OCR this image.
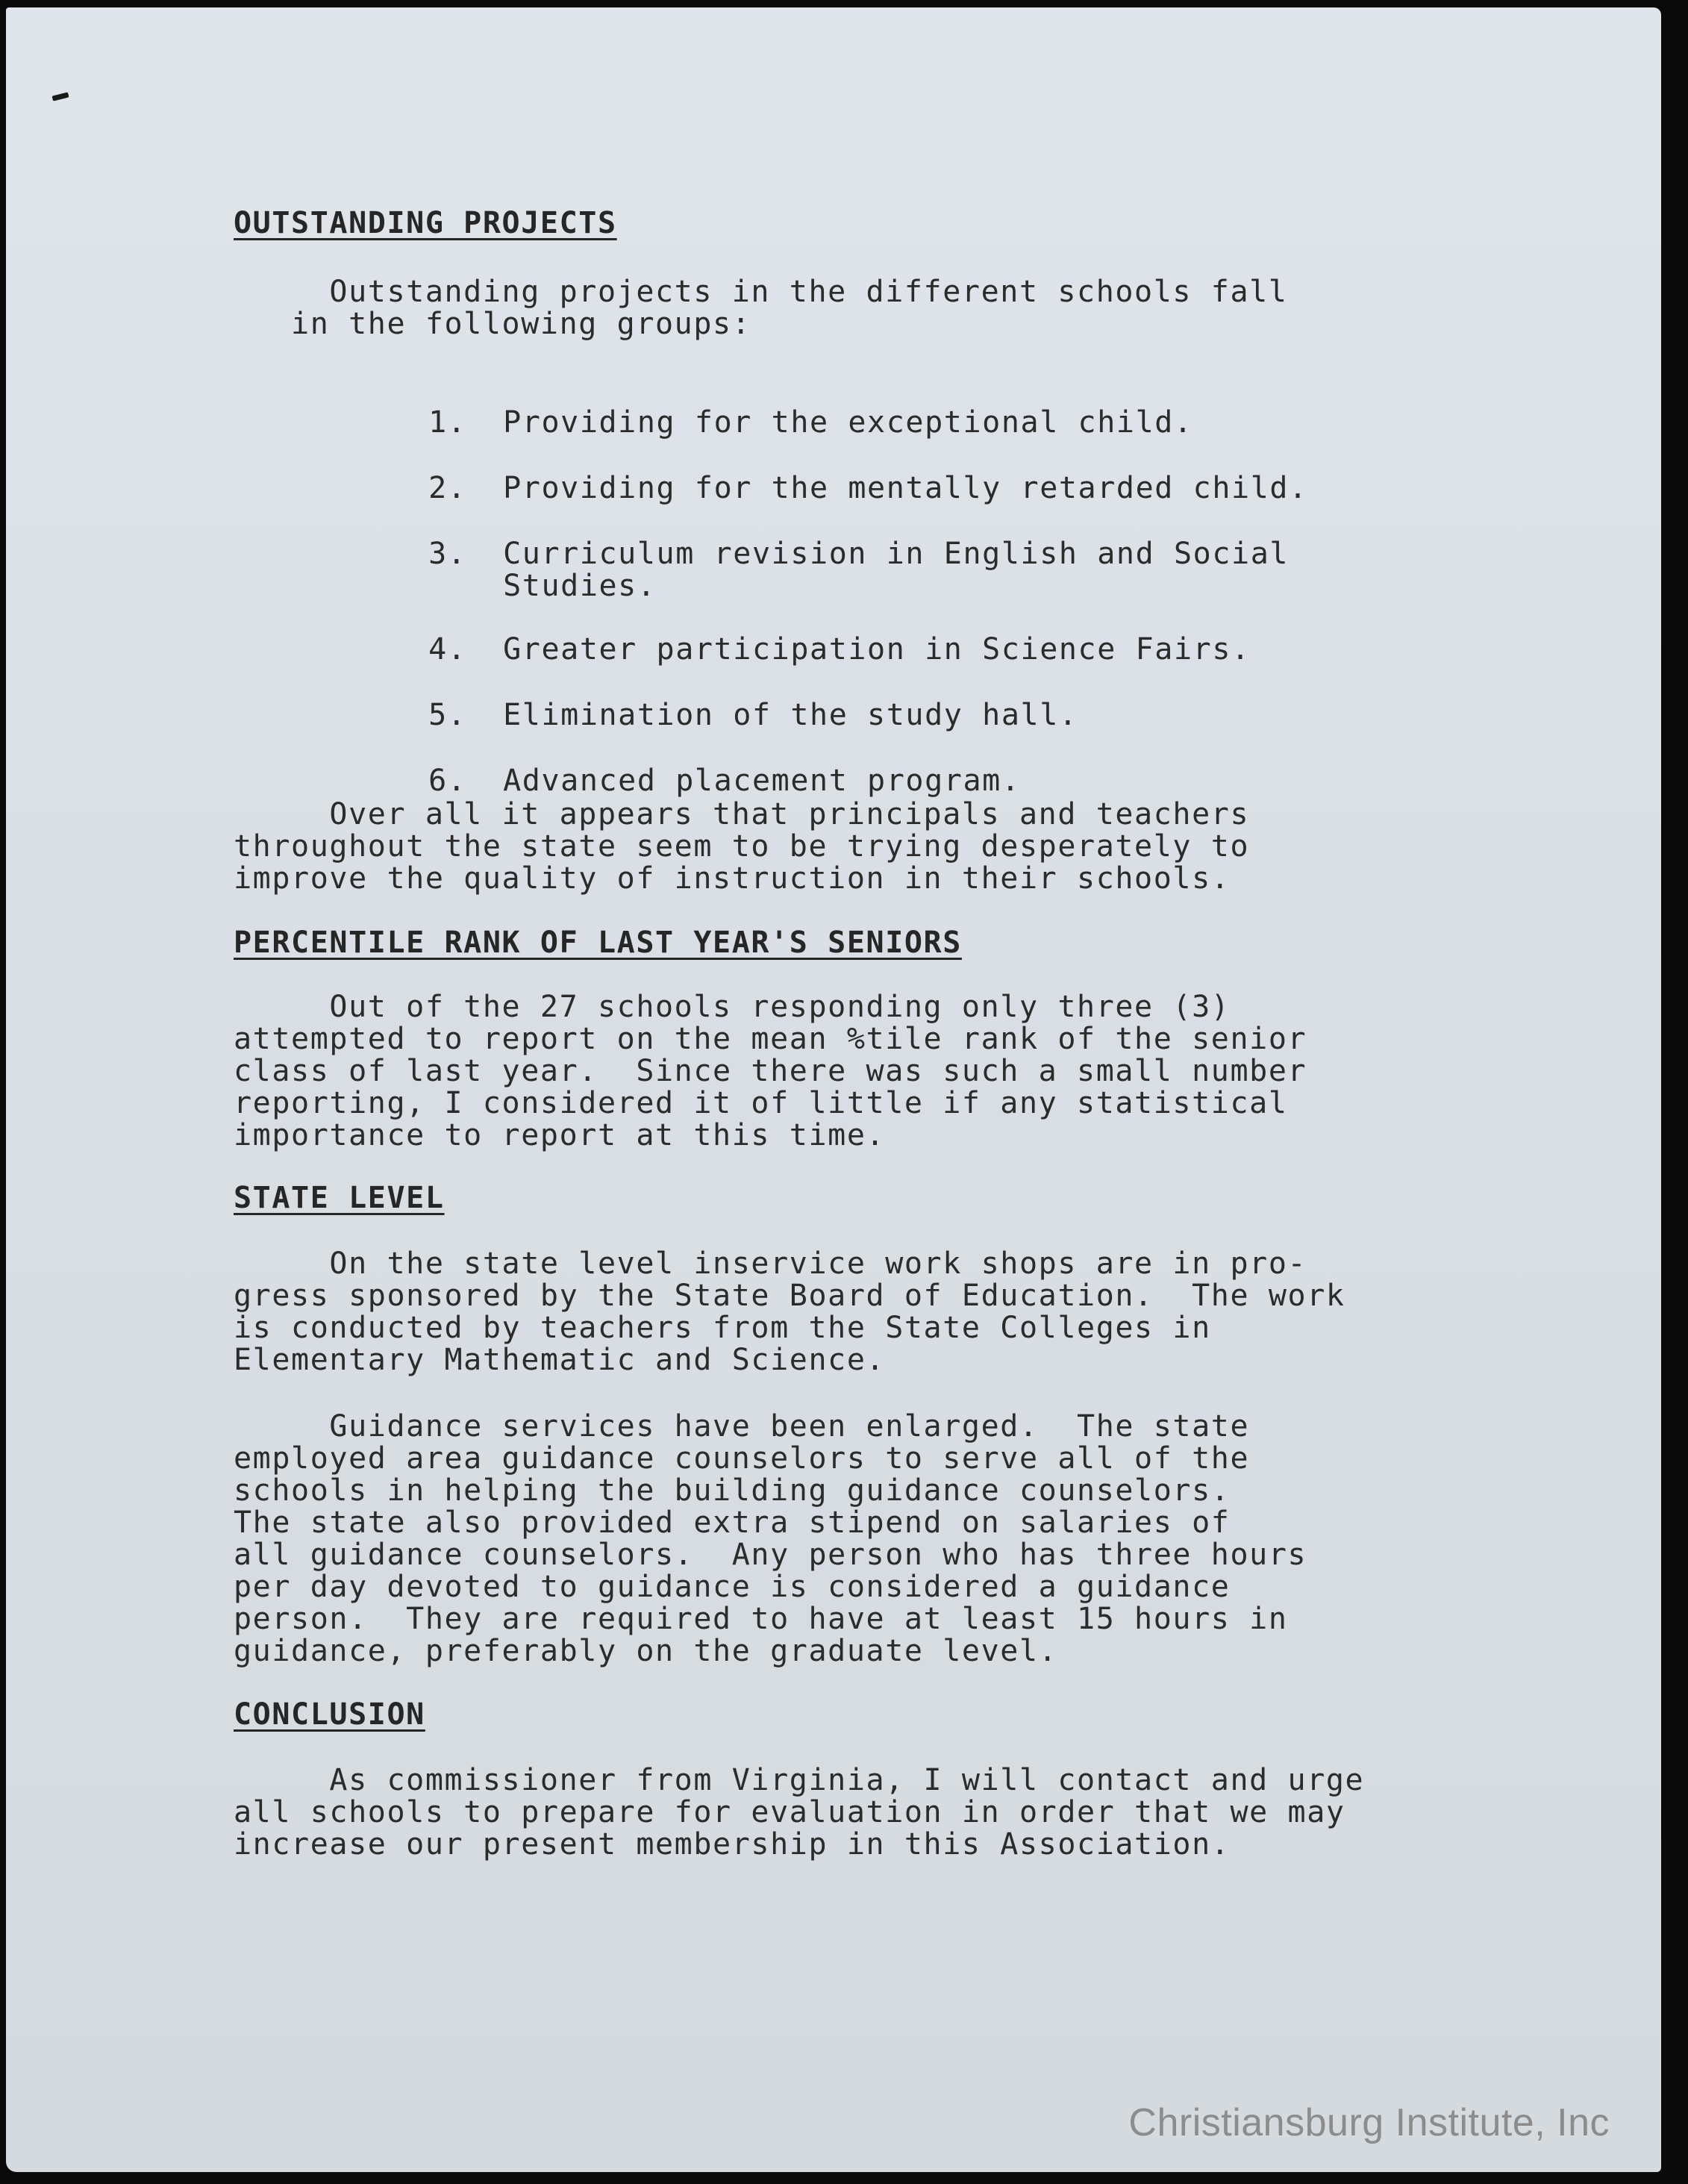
OUTSTANDING PROJECTS
Outstanding projects in the different schools fall
in the following groups:

1. Providing for the exceptional child.

2. Providing for the mentally retarded child.

3. Curriculum revision in English and Social
Studies.

4. Greater participation in Science Fairs.

5. Elimination of the study hall.

6. Advanced placement program.

Over all it appears that principals and teachers
throughout the state seem to be trying desperately to
improve the quality of instruction in their schools.
PERCENTILE RANK OF LAST YEAR'S SENIORS
Out of the 27 schools responding only three (3)
attempted to report on the mean %tile rank of the senior
class of last year.  Since there was such a small number
reporting, I considered it of little if any statistical
importance to report at this time.
STATE LEVEL
On the state level inservice work shops are in pro-
gress sponsored by the State Board of Education.  The work
is conducted by teachers from the State Colleges in
Elementary Mathematic and Science.
Guidance services have been enlarged.  The state
employed area guidance counselors to serve all of the
schools in helping the building guidance counselors.
The state also provided extra stipend on salaries of
all guidance counselors.  Any person who has three hours
per day devoted to guidance is considered a guidance
person.  They are required to have at least 15 hours in
guidance, preferably on the graduate level.
CONCLUSION
As commissioner from Virginia, I will contact and urge
all schools to prepare for evaluation in order that we may
increase our present membership in this Association.
Christiansburg Institute, Inc
